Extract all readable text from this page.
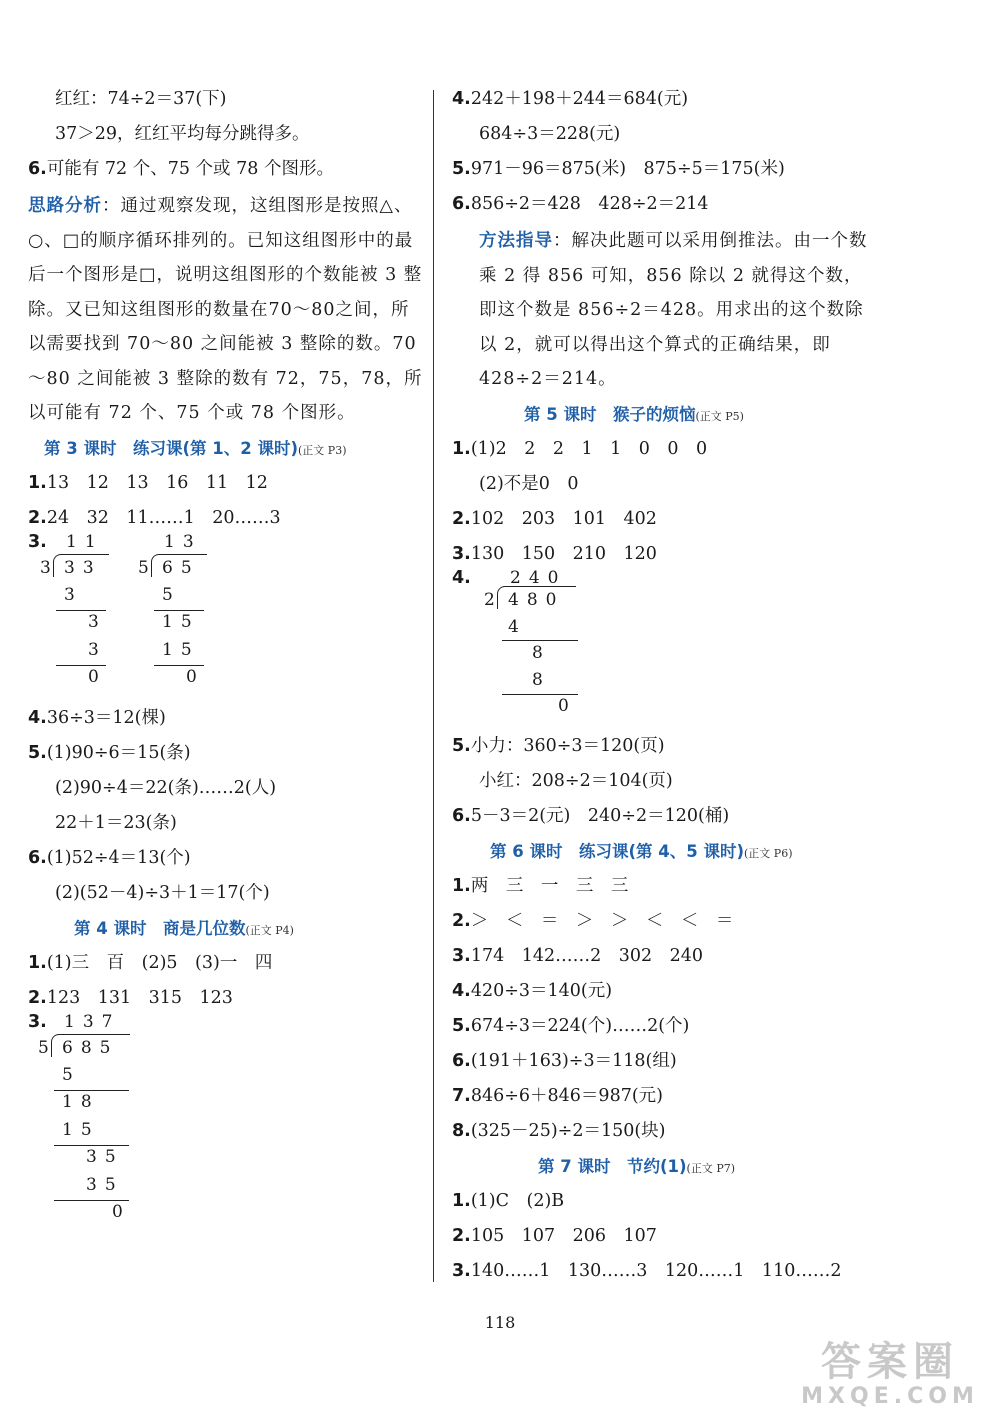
红红：74÷2＝37(下)
37＞29，红红平均每分跳得多。
6.可能有 72 个、75 个或 78 个图形。
思路分析：通过观察发现，这组图形是按照△、○、□的顺序循环排列的。已知这组图形中的最后一个图形是□，说明这组图形的个数能被 3 整除。又已知这组图形的数量在70～80之间，所以需要找到 70～80 之间能被 3 整除的数。70～80 之间能被 3 整除的数有 72，75，78，所以可能有 72 个、75 个或 78 个图形。
第 3 课时　练习课(第 1、2 课时)(正文 P3)
1.13　12　13　16　11　12
2.24　32　11……1　20……3
3. 11
3 33
3
3
3
0
13
5 65
5
15
15
0
4.36÷3＝12(棵)
5.(1)90÷6＝15(条)
(2)90÷4＝22(条)……2(人)
22＋1＝23(条)
6.(1)52÷4＝13(个)
(2)(52－4)÷3＋1＝17(个)
第 4 课时　商是几位数(正文 P4)
1.(1)三　百　(2)5　(3)一　四
2.123　131　315　123
3. 137
5 685
5
18
15
35
35
0
4.242＋198＋244＝684(元)
684÷3＝228(元)
5.971－96＝875(米)　875÷5＝175(米)
6.856÷2＝428　428÷2＝214
方法指导：解决此题可以采用倒推法。由一个数乘 2 得 856 可知，856 除以 2 就得这个数，即这个数是 856÷2＝428。用求出的这个数除以 2，就可以得出这个算式的正确结果，即428÷2＝214。
第 5 课时　猴子的烦恼(正文 P5)
1.(1)2　2　2　1　1　0　0　0
(2)不是0　0
2.102　203　101　402
3.130　150　210　120
4. 240
2 480
4
8
8
0
5.小力：360÷3＝120(页)
小红：208÷2＝104(页)
6.5－3＝2(元)　240÷2＝120(桶)
第 6 课时　练习课(第 4、5 课时)(正文 P6)
1.两　三　一　三　三
2.＞　＜　＝　＞　＞　＜　＜　＝
3.174　142……2　302　240
4.420÷3＝140(元)
5.674÷3＝224(个)……2(个)
6.(191＋163)÷3＝118(组)
7.846÷6＋846＝987(元)
8.(325－25)÷2＝150(块)
第 7 课时　节约(1)(正文 P7)
1.(1)C　(2)B
2.105　107　206　107
3.140……1　130……3　120……1　110……2
118
答案圈
MXQE.COM
